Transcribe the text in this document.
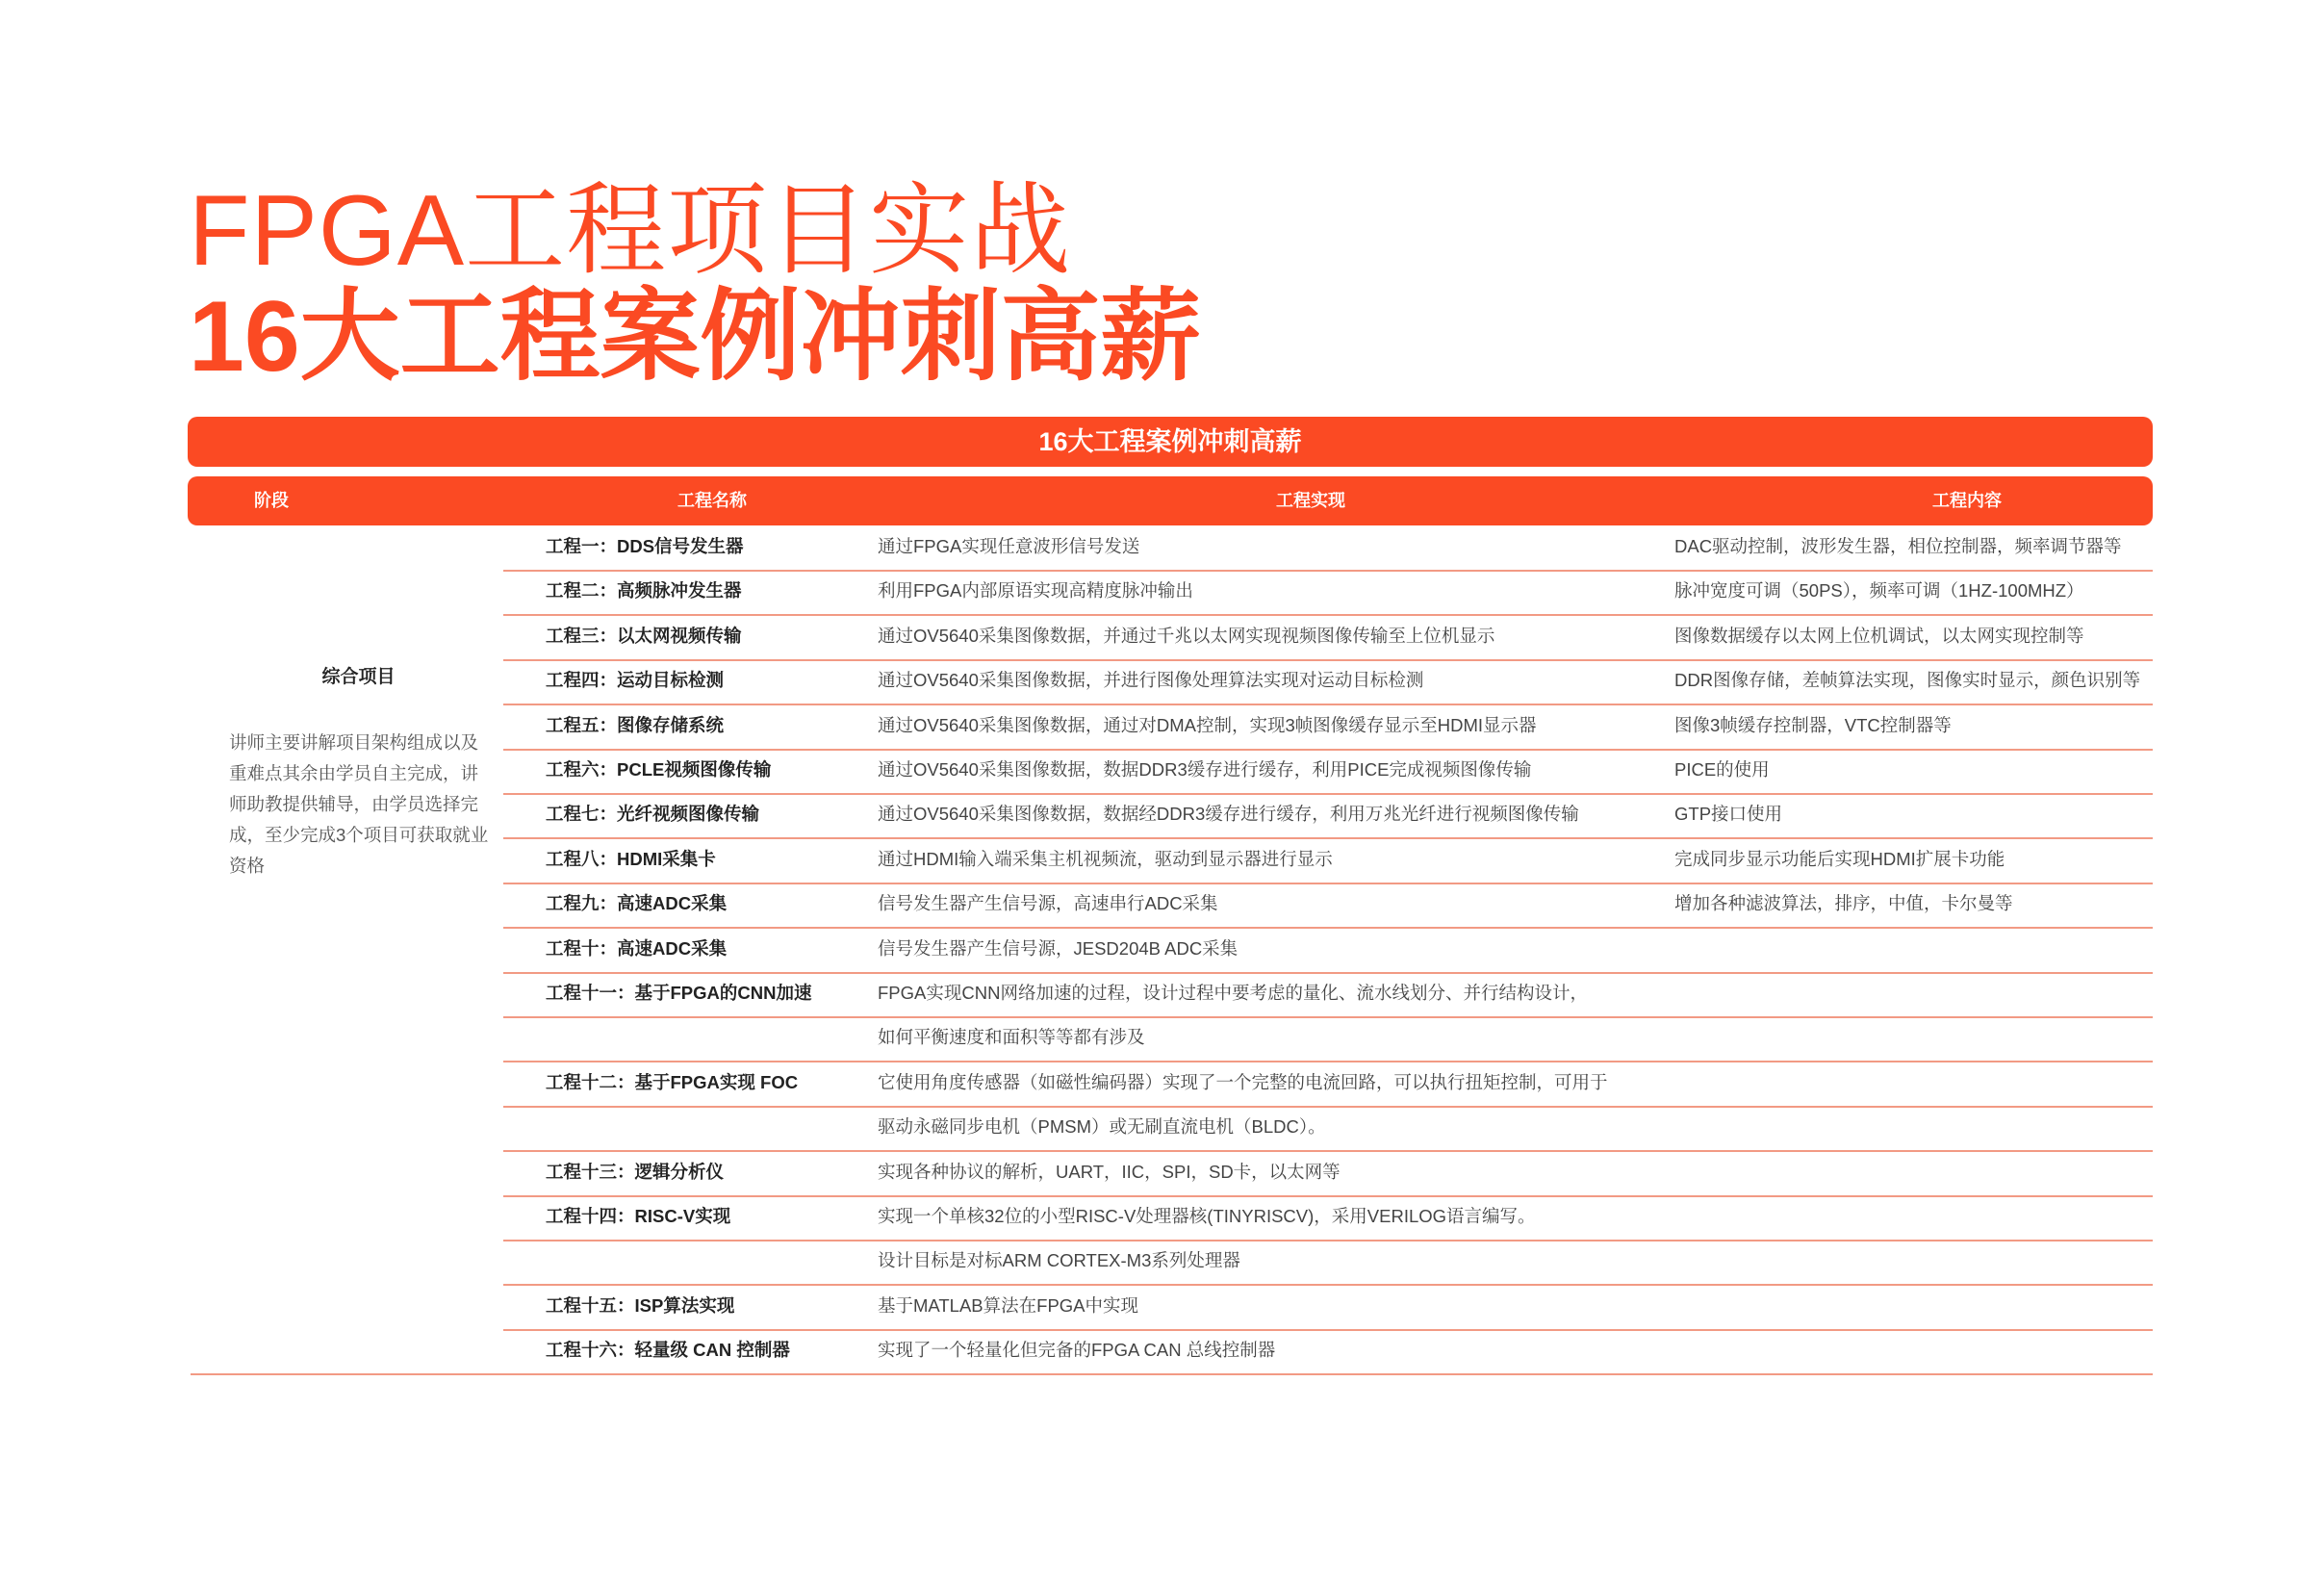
FPGA工程项目实战
16大工程案例冲刺高薪
16大工程案例冲刺高薪
阶段	工程名称	工程实现	工程内容
综合项目
讲师主要讲解项目架构组成以及重难点其余由学员自主完成，讲师助教提供辅导，由学员选择完成，至少完成3个项目可获取就业资格
工程一：DDS信号发生器	通过FPGA实现任意波形信号发送	DAC驱动控制，波形发生器，相位控制器，频率调节器等
工程二：高频脉冲发生器	利用FPGA内部原语实现高精度脉冲输出	脉冲宽度可调（50PS），频率可调（1HZ-100MHZ）
工程三：以太网视频传输	通过OV5640采集图像数据，并通过千兆以太网实现视频图像传输至上位机显示	图像数据缓存以太网上位机调试，以太网实现控制等
工程四：运动目标检测	通过OV5640采集图像数据，并进行图像处理算法实现对运动目标检测	DDR图像存储，差帧算法实现，图像实时显示，颜色识别等
工程五：图像存储系统	通过OV5640采集图像数据，通过对DMA控制，实现3帧图像缓存显示至HDMI显示器	图像3帧缓存控制器，VTC控制器等
工程六：PCLE视频图像传输	通过OV5640采集图像数据，数据DDR3缓存进行缓存，利用PICE完成视频图像传输	PICE的使用
工程七：光纤视频图像传输	通过OV5640采集图像数据，数据经DDR3缓存进行缓存，利用万兆光纤进行视频图像传输	GTP接口使用
工程八：HDMI采集卡	通过HDMI输入端采集主机视频流，驱动到显示器进行显示	完成同步显示功能后实现HDMI扩展卡功能
工程九：高速ADC采集	信号发生器产生信号源，高速串行ADC采集	增加各种滤波算法，排序，中值，卡尔曼等
工程十：高速ADC采集	信号发生器产生信号源，JESD204B ADC采集
工程十一：基于FPGA的CNN加速	FPGA实现CNN网络加速的过程，设计过程中要考虑的量化、流水线划分、并行结构设计，
如何平衡速度和面积等等都有涉及
工程十二：基于FPGA实现 FOC	它使用角度传感器（如磁性编码器）实现了一个完整的电流回路，可以执行扭矩控制，可用于
驱动永磁同步电机（PMSM）或无刷直流电机（BLDC）。
工程十三：逻辑分析仪	实现各种协议的解析，UART，IIC，SPI，SD卡，以太网等
工程十四：RISC-V实现	实现一个单核32位的小型RISC-V处理器核(TINYRISCV)，采用VERILOG语言编写。
设计目标是对标ARM CORTEX-M3系列处理器
工程十五：ISP算法实现	基于MATLAB算法在FPGA中实现
工程十六：轻量级 CAN 控制器	实现了一个轻量化但完备的FPGA CAN 总线控制器
